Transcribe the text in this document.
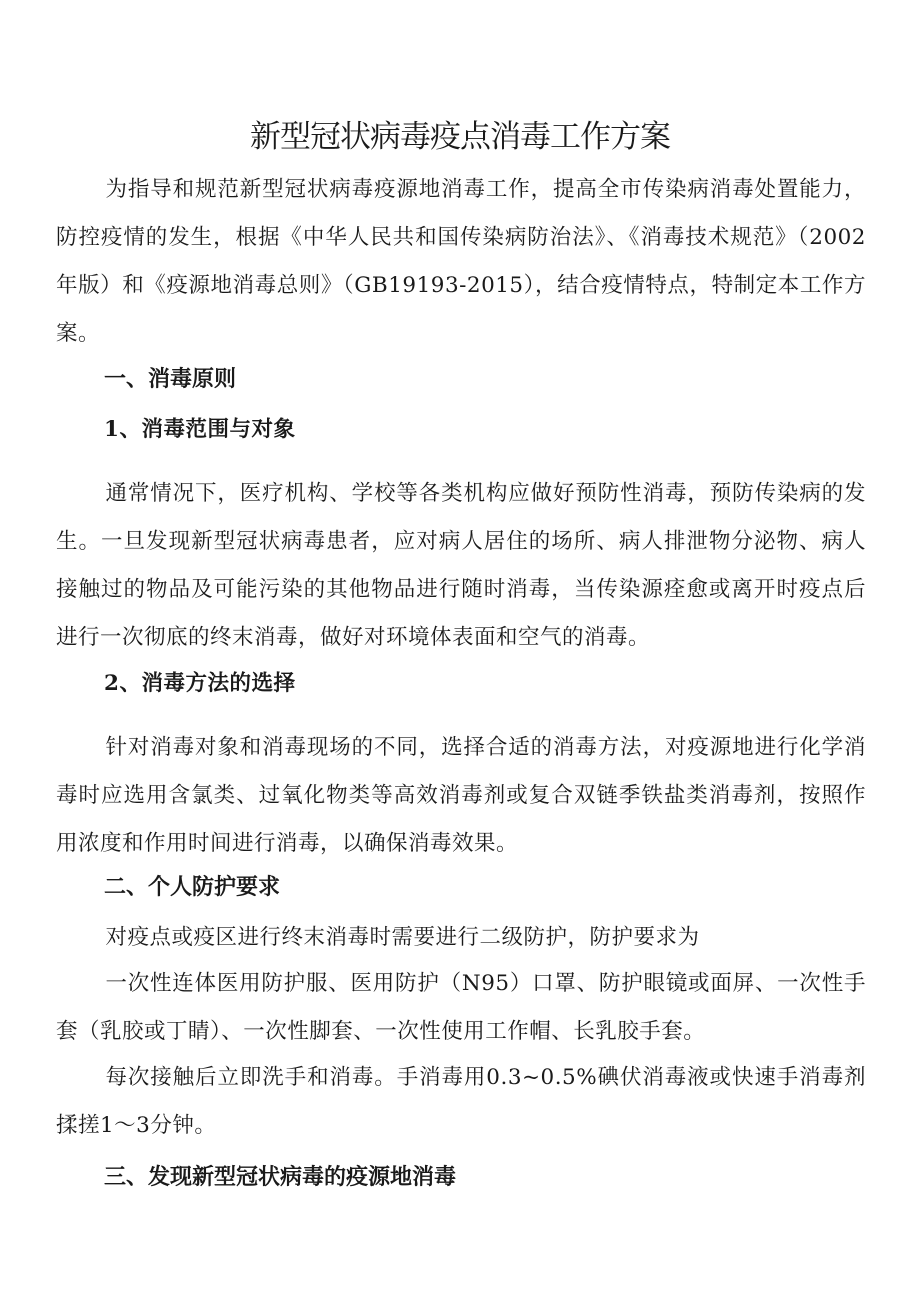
新型冠状病毒疫点消毒工作方案

为指导和规范新型冠状病毒疫源地消毒工作，提高全市传染病消毒处置能力，防控疫情的发生，根据《中华人民共和国传染病防治法》、《消毒技术规范》（2002年版）和《疫源地消毒总则》（GB19193-2015），结合疫情特点，特制定本工作方案。

一、消毒原则
1、消毒范围与对象

通常情况下，医疗机构、学校等各类机构应做好预防性消毒，预防传染病的发生。一旦发现新型冠状病毒患者，应对病人居住的场所、病人排泄物分泌物、病人接触过的物品及可能污染的其他物品进行随时消毒，当传染源痊愈或离开时疫点后进行一次彻底的终末消毒，做好对环境体表面和空气的消毒。

2、消毒方法的选择

针对消毒对象和消毒现场的不同，选择合适的消毒方法，对疫源地进行化学消毒时应选用含氯类、过氧化物类等高效消毒剂或复合双链季铁盐类消毒剂，按照作用浓度和作用时间进行消毒，以确保消毒效果。

二、个人防护要求

对疫点或疫区进行终末消毒时需要进行二级防护，防护要求为

一次性连体医用防护服、医用防护（N95）口罩、防护眼镜或面屏、一次性手套（乳胶或丁睛）、一次性脚套、一次性使用工作帽、长乳胶手套。

每次接触后立即洗手和消毒。手消毒用0.3~0.5%碘伏消毒液或快速手消毒剂揉搓1～3分钟。

三、发现新型冠状病毒的疫源地消毒
